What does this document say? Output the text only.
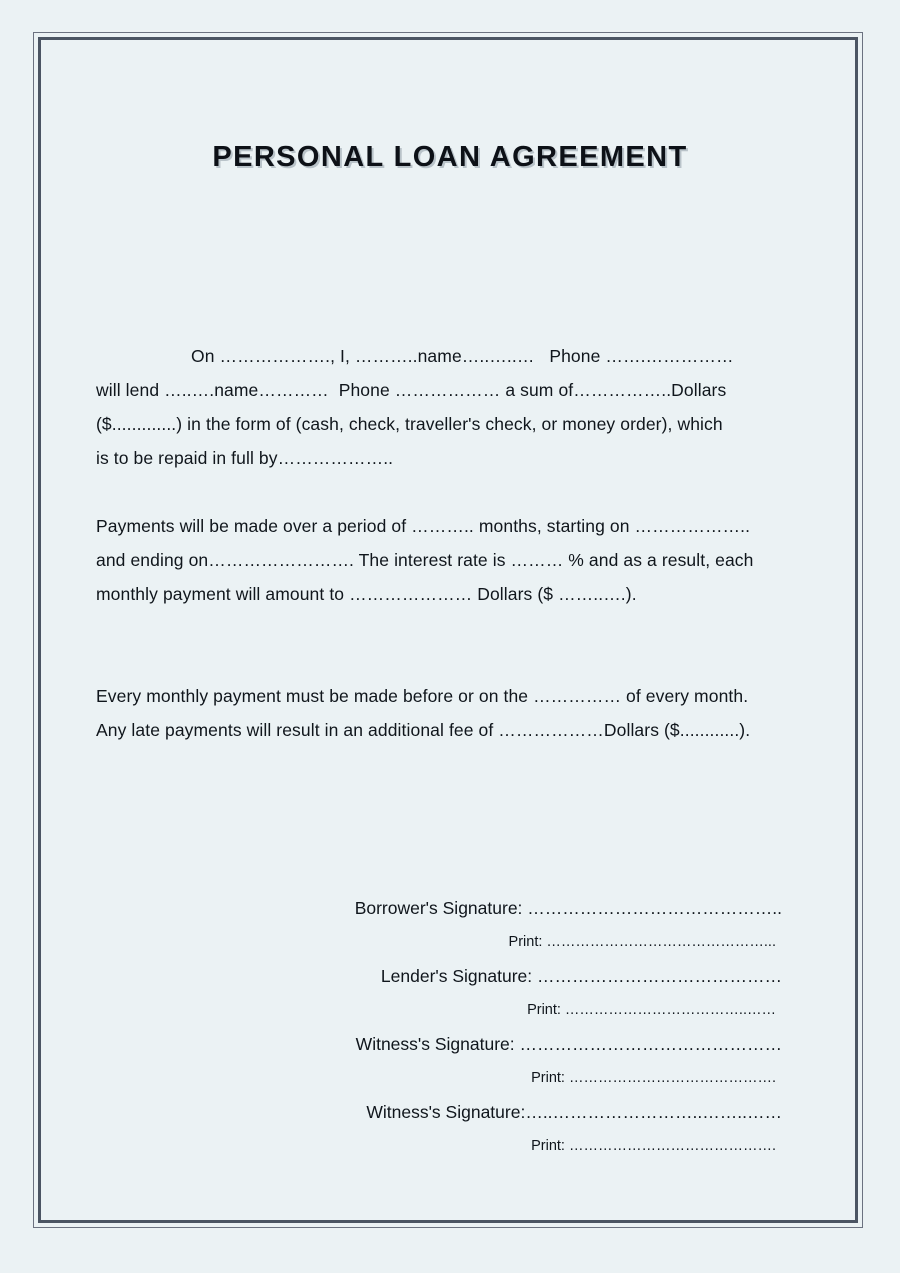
PERSONAL LOAN AGREEMENT
On ………………., I, ………..name…..…..…   Phone …….……………
will lend …..….name…………  Phone ……………… a sum of……………..Dollars
($.............) in the form of (cash, check, traveller's check, or money order), which
is to be repaid in full by………………..
Payments will be made over a period of ……….. months, starting on ………………..
and ending on……………………. The interest rate is ……… % and as a result, each
monthly payment will amount to ………………… Dollars ($ ……..….).
Every monthly payment must be made before or on the …………… of every month.
Any late payments will result in an additional fee of ………………Dollars ($............).
Borrower's Signature: ……………………………………..
Print: ………………………………………...
Lender's Signature: ……………………………………
Print: ………………………………..……
Witness's Signature: ………………………………………
Print: …………………………………….
Witness's Signature:…..……………………..……..……
Print: …………………………………….
